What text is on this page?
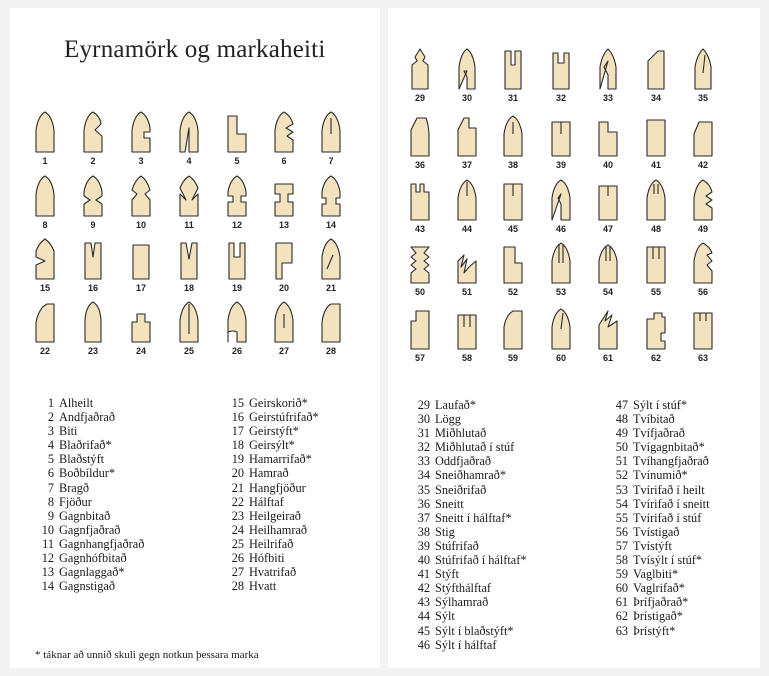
Eyrnamörk og markaheiti
1	2	3	4	5	6	7
8	9	10	11	12	13	14
15	16	17	18	19	20	21
22	23	24	25	26	27	28
29	30	31	32	33	34	35
36	37	38	39	40	41	42
43	44	45	46	47	48	49
50	51	52	53	54	55	56
57	58	59	60	61	62	63
1 Alheilt
2 Andfjaðrað
3 Biti
4 Blaðrifað*
5 Blaðstýft
6 Boðbíldur*
7 Bragð
8 Fjöður
9 Gagnbitað
10 Gagnfjaðrað
11 Gagnhangfjaðrað
12 Gagnhófbitað
13 Gagnlaggað*
14 Gagnstigað
15 Geirskorið*
16 Geirstúfrifað*
17 Geirstýft*
18 Geirsýlt*
19 Hamarrifað*
20 Hamrað
21 Hangfjöður
22 Hálftaf
23 Heilgeirað
24 Heilhamrað
25 Heilrifað
26 Hófbiti
27 Hvatrifað
28 Hvatt
29 Laufað*
30 Lögg
31 Miðhlutað
32 Miðhlutað í stúf
33 Oddfjaðrað
34 Sneiðhamrað*
35 Sneiðrifað
36 Sneitt
37 Sneitt í hálftaf*
38 Stig
39 Stúfrifað
40 Stúfrifað í hálftaf*
41 Stýft
42 Stýfthálftaf
43 Sýlhamrað
44 Sýlt
45 Sýlt í blaðstýft*
46 Sýlt í hálftaf
47 Sýlt í stúf*
48 Tvíbitað
49 Tvífjaðrað
50 Tvígagnbitað*
51 Tvíhangfjaðrað
52 Tvínumið*
53 Tvírifað í heilt
54 Tvírifað í sneitt
55 Tvírifað í stúf
56 Tvístigað
57 Tvístýft
58 Tvísýlt í stúf*
59 Vaglbiti*
60 Vaglrifað*
61 Þrífjaðrað*
62 Þrístigað*
63 Þrístýft*
* táknar að unnið skuli gegn notkun þessara marka
